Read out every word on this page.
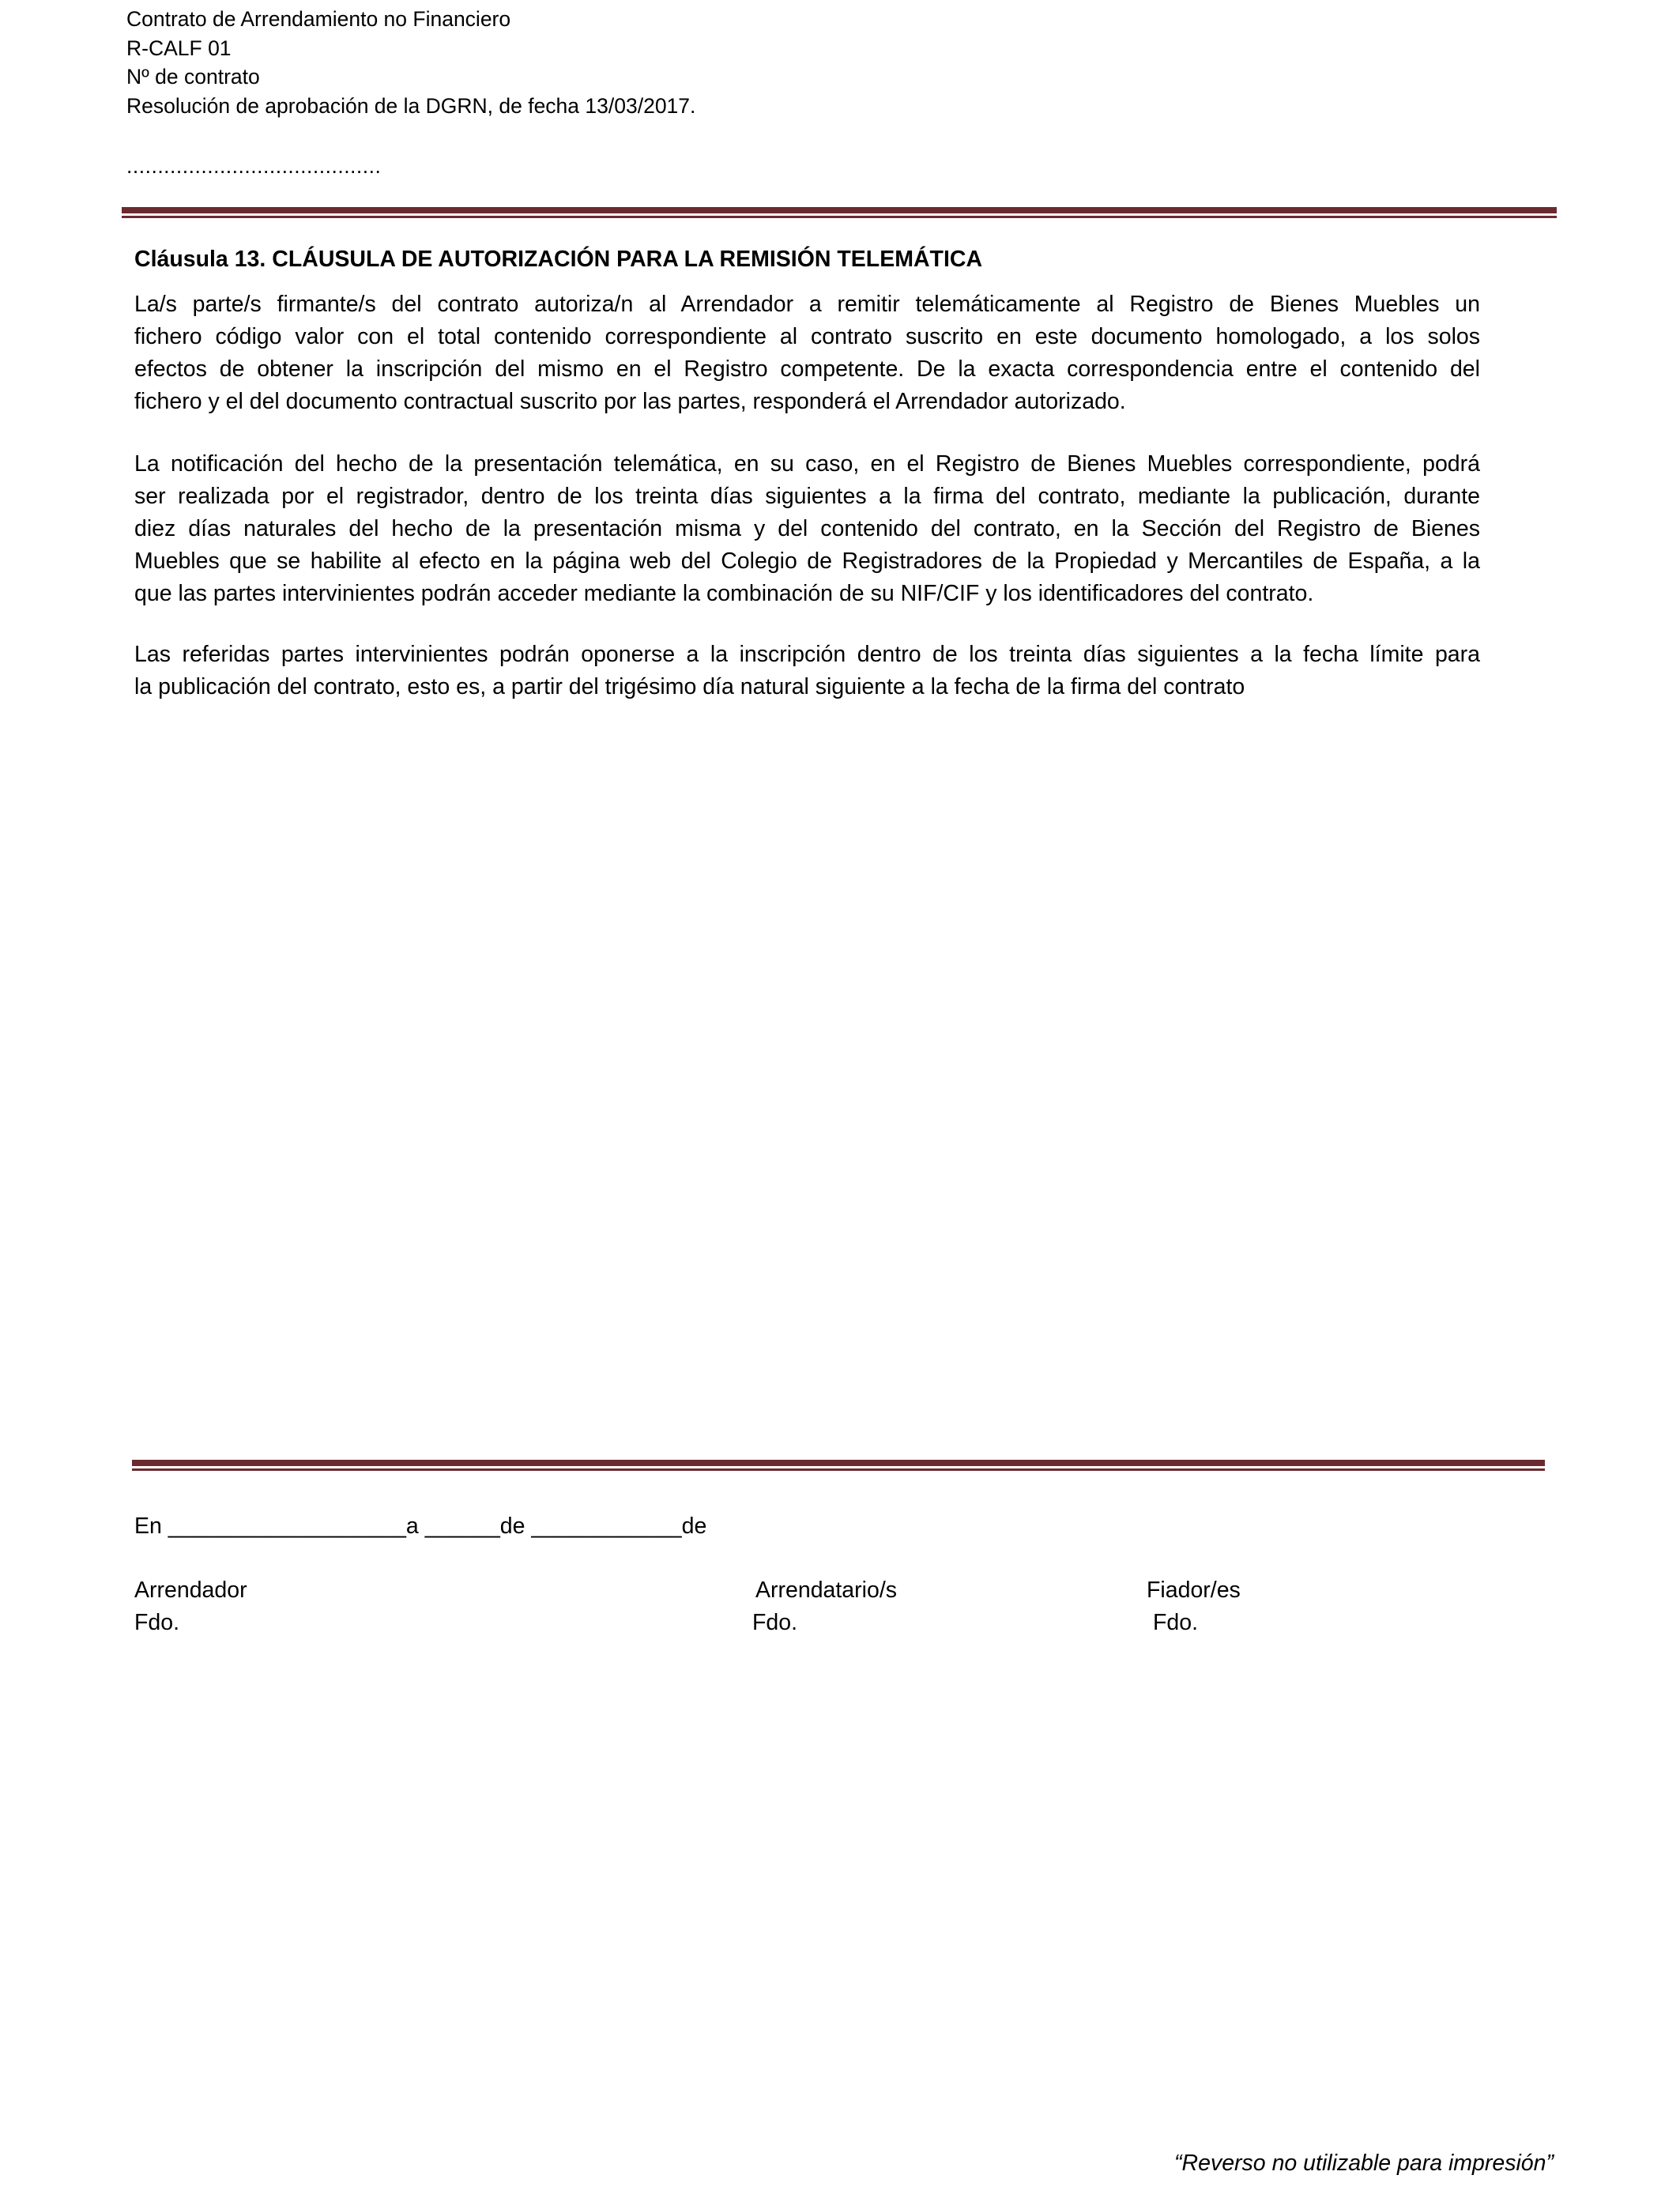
Contrato de Arrendamiento no Financiero
R-CALF 01
Nº de contrato
Resolución de aprobación de la DGRN, de fecha 13/03/2017.
.........................................
Cláusula 13. CLÁUSULA DE AUTORIZACIÓN PARA LA REMISIÓN TELEMÁTICA
La/s parte/s firmante/s del contrato autoriza/n al Arrendador a remitir telemáticamente al Registro de Bienes Muebles un
fichero código valor con el total contenido correspondiente al contrato suscrito en este documento homologado, a los solos
efectos de obtener la inscripción del mismo en el Registro competente. De la exacta correspondencia entre el contenido del
fichero y el del documento contractual suscrito por las partes, responderá el Arrendador autorizado.
La notificación del hecho de la presentación telemática, en su caso, en el Registro de Bienes Muebles correspondiente, podrá
ser realizada por el registrador, dentro de los treinta días siguientes a la firma del contrato, mediante la publicación, durante
diez días naturales del hecho de la presentación misma y del contenido del contrato, en la Sección del Registro de Bienes
Muebles que se habilite al efecto en la página web del Colegio de Registradores de la Propiedad y Mercantiles de España, a la
que las partes intervinientes podrán acceder mediante la combinación de su NIF/CIF y los identificadores del contrato.
Las referidas partes intervinientes podrán oponerse a la inscripción dentro de los treinta días siguientes a la fecha límite para
la publicación del contrato, esto es, a partir del trigésimo día natural siguiente a la fecha de la firma del contrato
En ___________________a ______de ____________de
Arrendador
Fdo.
Arrendatario/s
Fdo.
Fiador/es
Fdo.
“Reverso no utilizable para impresión”
